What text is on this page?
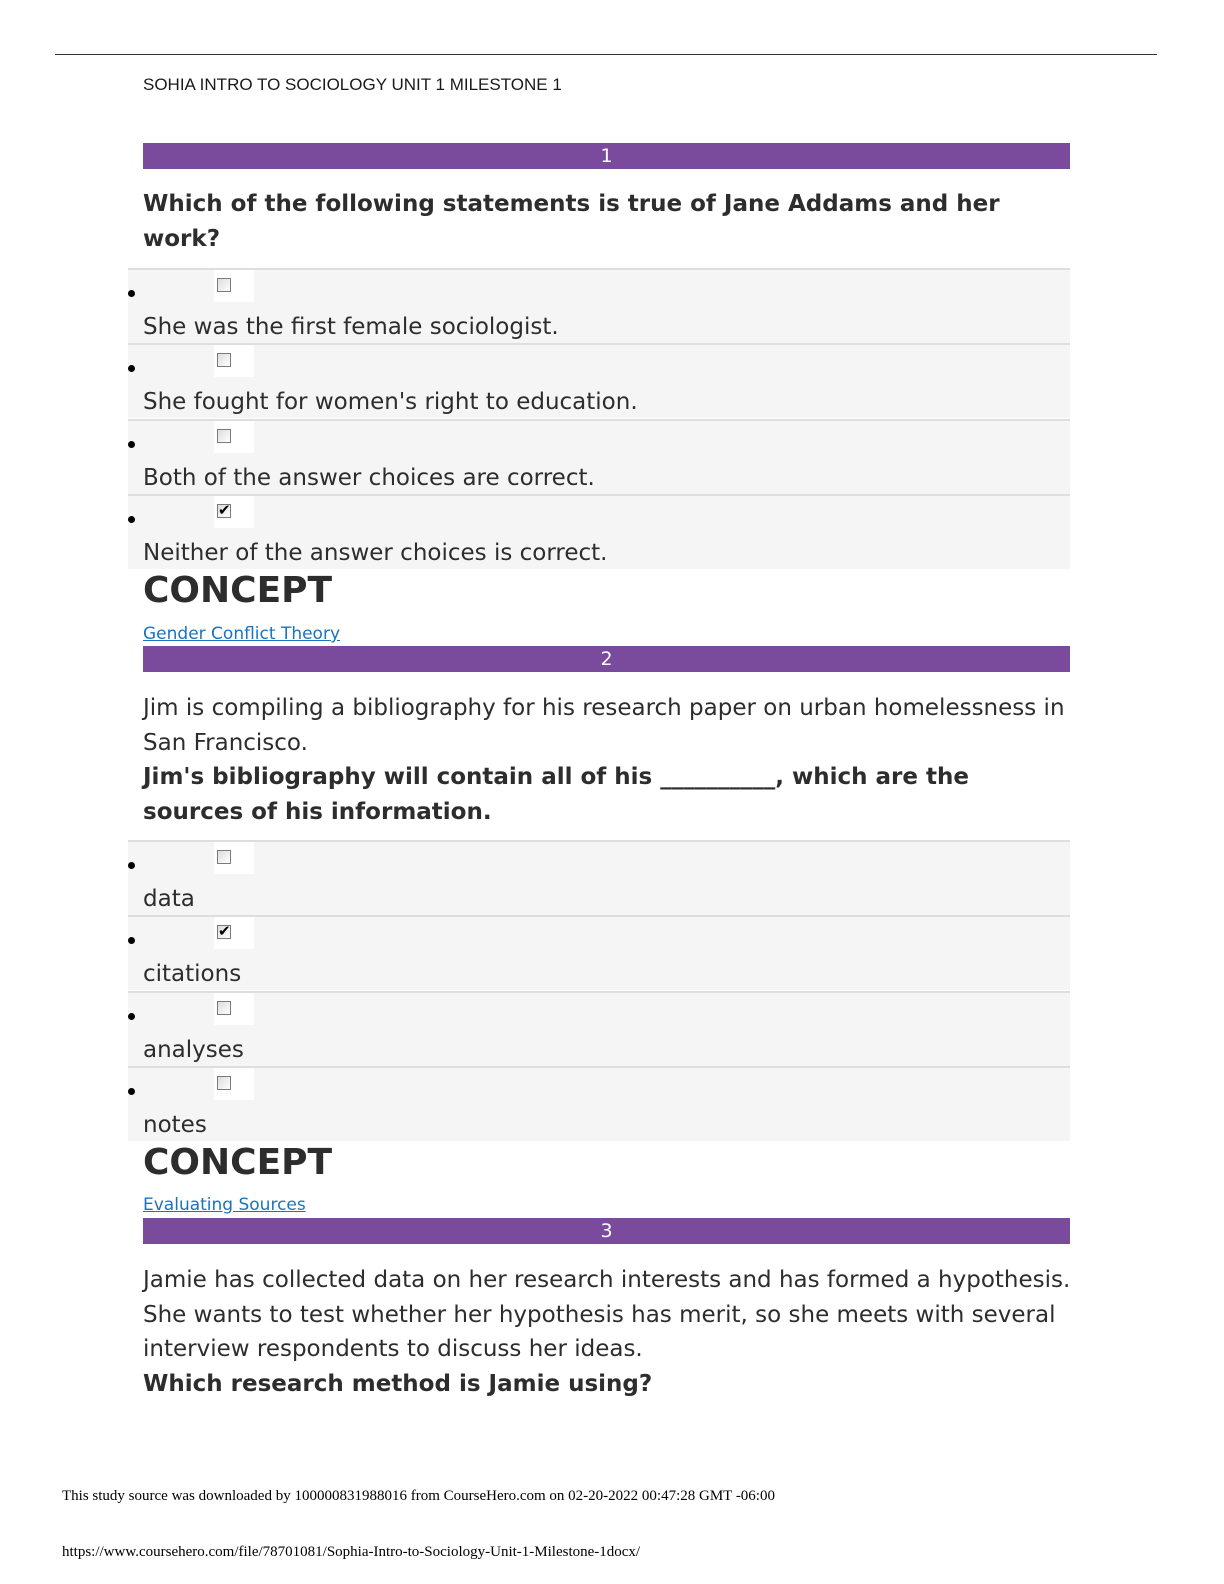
SOHIA INTRO TO SOCIOLOGY UNIT 1 MILESTONE 1
1
Which of the following statements is true of Jane Addams and her work?
She was the first female sociologist.
She fought for women's right to education.
Both of the answer choices are correct.
✔
Neither of the answer choices is correct.
CONCEPT
Gender Conflict Theory
2
Jim is compiling a bibliography for his research paper on urban homelessness in San Francisco.
Jim's bibliography will contain all of his __________, which are the sources of his information.
data
✔
citations
analyses
notes
CONCEPT
Evaluating Sources
3
Jamie has collected data on her research interests and has formed a hypothesis. She wants to test whether her hypothesis has merit, so she meets with several interview respondents to discuss her ideas.
Which research method is Jamie using?
This study source was downloaded by 100000831988016 from CourseHero.com on 02-20-2022 00:47:28 GMT -06:00
https://www.coursehero.com/file/78701081/Sophia-Intro-to-Sociology-Unit-1-Milestone-1docx/
